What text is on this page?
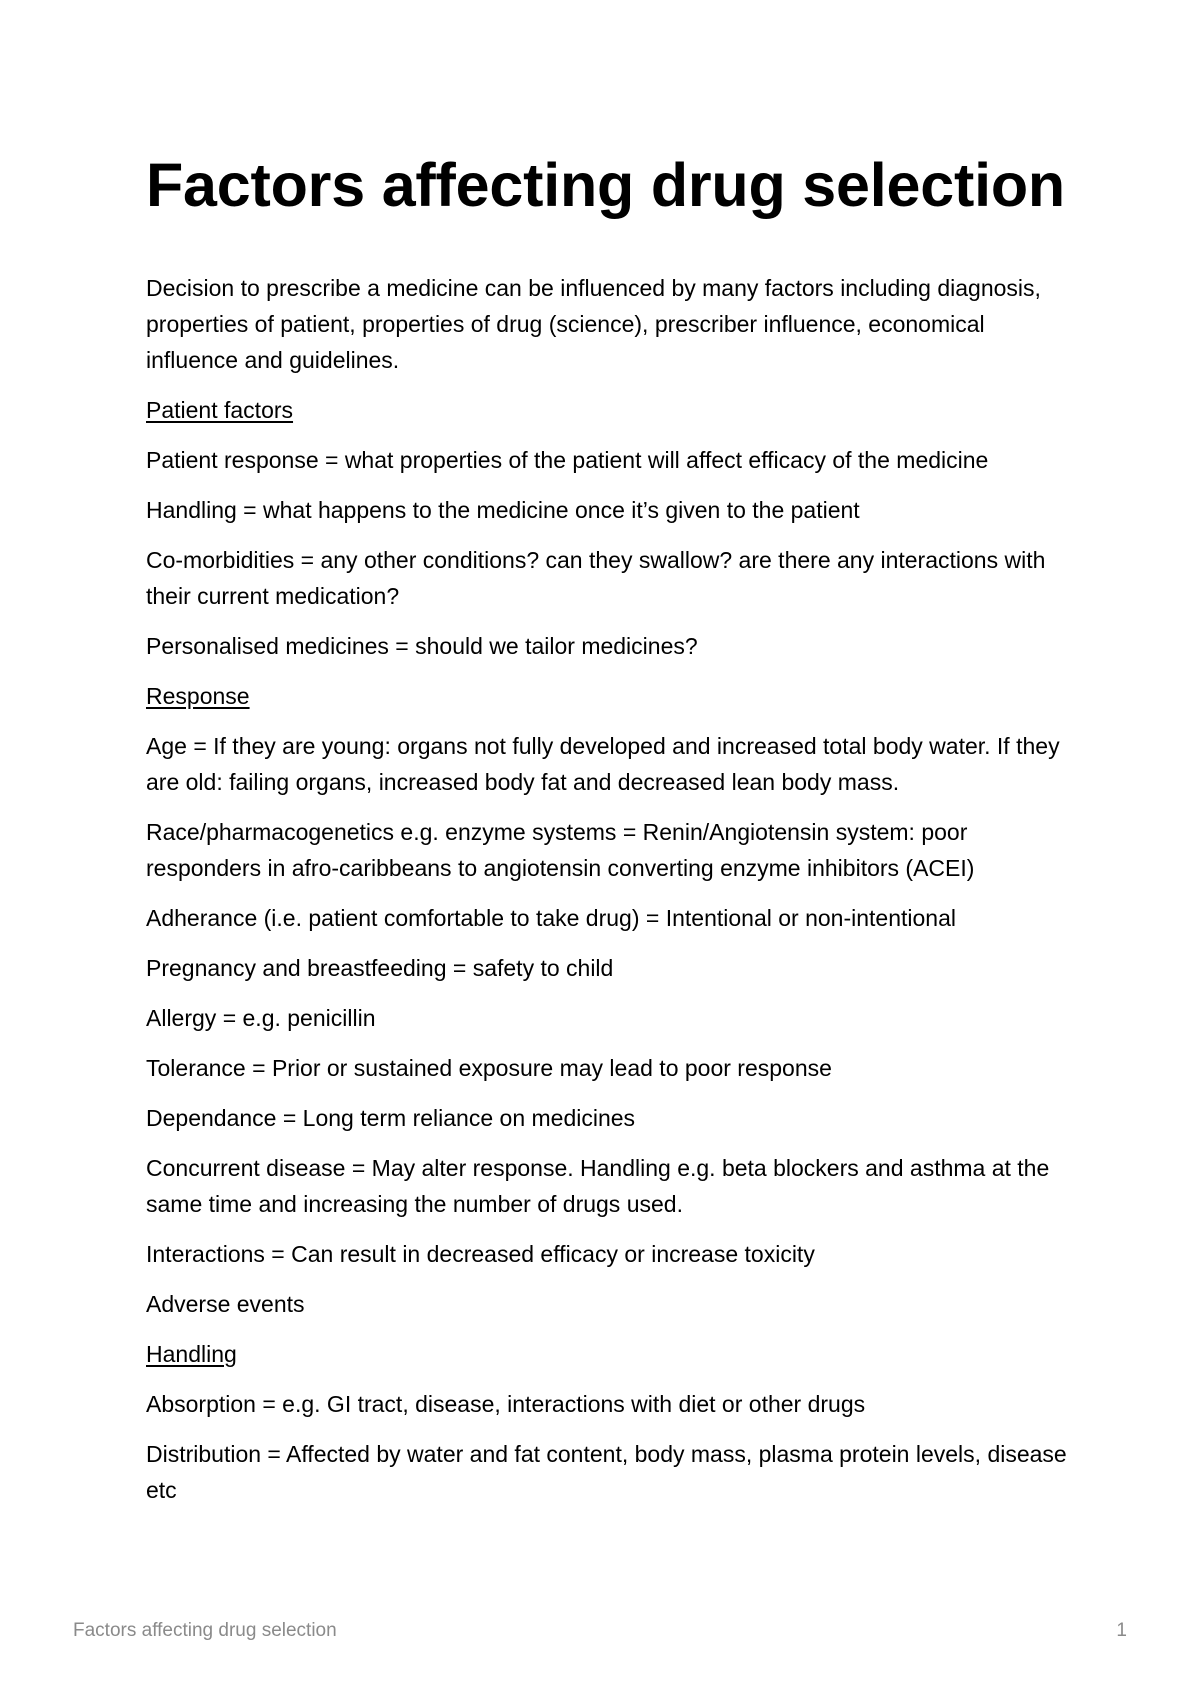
Factors affecting drug selection

Decision to prescribe a medicine can be influenced by many factors including diagnosis, properties of patient, properties of drug (science), prescriber influence, economical influence and guidelines.

Patient factors

Patient response = what properties of the patient will affect efficacy of the medicine

Handling = what happens to the medicine once it’s given to the patient

Co-morbidities = any other conditions? can they swallow? are there any interactions with their current medication?

Personalised medicines = should we tailor medicines?

Response

Age = If they are young: organs not fully developed and increased total body water. If they are old: failing organs, increased body fat and decreased lean body mass.

Race/pharmacogenetics e.g. enzyme systems = Renin/Angiotensin system: poor responders in afro-caribbeans to angiotensin converting enzyme inhibitors (ACEI)

Adherance (i.e. patient comfortable to take drug) = Intentional or non-intentional

Pregnancy and breastfeeding = safety to child

Allergy = e.g. penicillin

Tolerance = Prior or sustained exposure may lead to poor response

Dependance = Long term reliance on medicines

Concurrent disease = May alter response. Handling e.g. beta blockers and asthma at the same time and increasing the number of drugs used.

Interactions = Can result in decreased efficacy or increase toxicity

Adverse events

Handling

Absorption = e.g. GI tract, disease, interactions with diet or other drugs

Distribution = Affected by water and fat content, body mass, plasma protein levels, disease etc

Factors affecting drug selection	1
